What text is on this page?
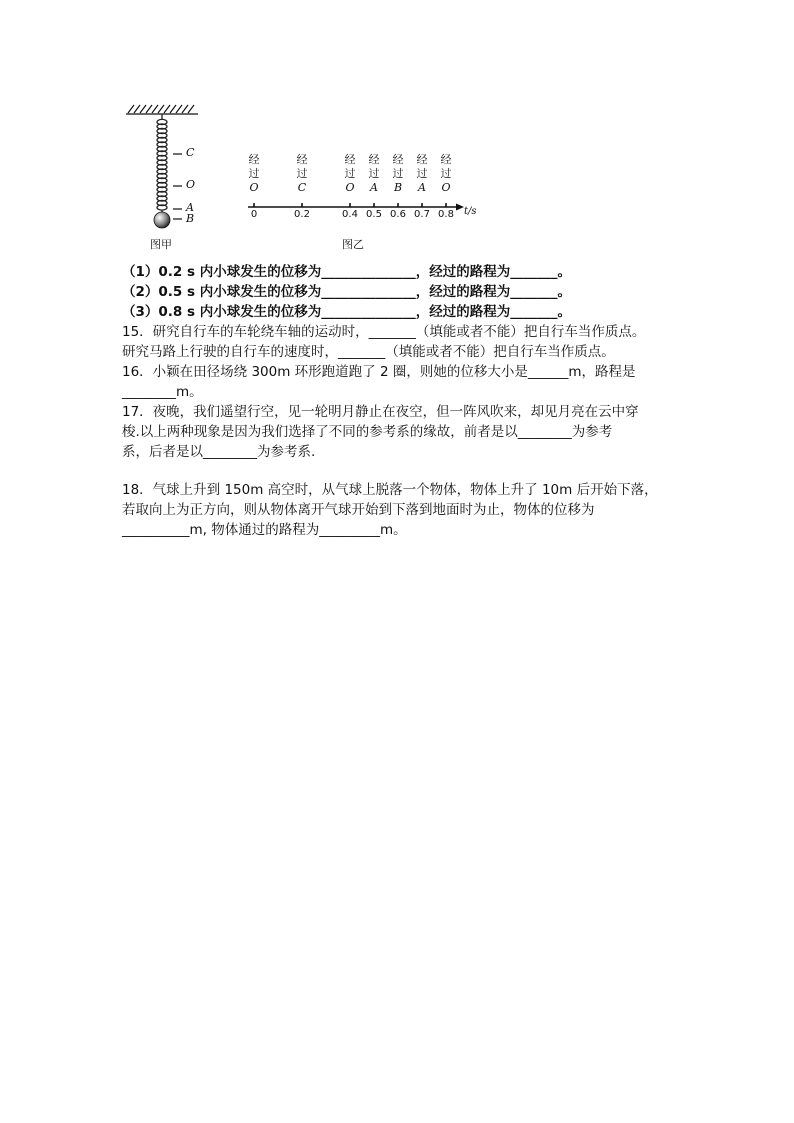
C
O
A
B
经
过
O
经
过
C
经
过
O
经
过
A
经
过
B
经
过
A
经
过
O
0	0.2	0.4 0.5 0.6 0.7 0.8	t/s
图甲	图乙
（1）0.2 s 内小球发生的位移为______________，经过的路程为_______。
（2）0.5 s 内小球发生的位移为______________，经过的路程为_______。
（3）0.8 s 内小球发生的位移为______________，经过的路程为_______。
15．研究自行车的车轮绕车轴的运动时，_______（填能或者不能）把自行车当作质点。
研究马路上行驶的自行车的速度时，_______（填能或者不能）把自行车当作质点。
16．小颖在田径场绕 300m 环形跑道跑了 2 圈，则她的位移大小是______m，路程是
________m。
17．夜晚，我们遥望行空，见一轮明月静止在夜空，但一阵风吹来，却见月亮在云中穿
梭.以上两种现象是因为我们选择了不同的参考系的缘故，前者是以________为参考
系，后者是以________为参考系.
18．气球上升到 150m 高空时，从气球上脱落一个物体，物体上升了 10m 后开始下落，
若取向上为正方向，则从物体离开气球开始到下落到地面时为止，物体的位移为
__________m, 物体通过的路程为_________m。
